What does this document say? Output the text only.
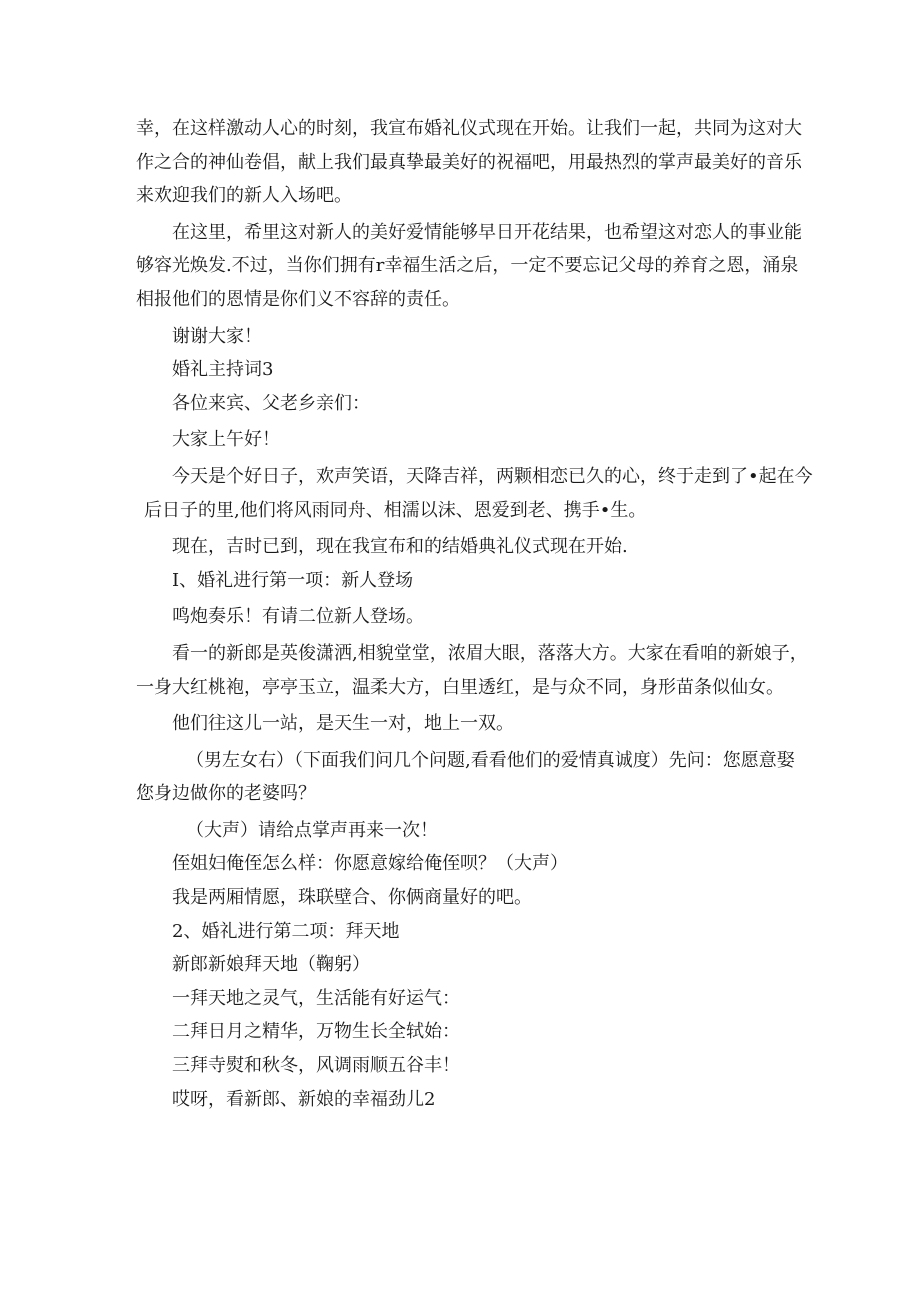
幸，在这样激动人心的时刻，我宣布婚礼仪式现在开始。让我们一起，共同为这对大
作之合的神仙卷倡，献上我们最真挚最美好的祝福吧，用最热烈的掌声最美好的音乐
来欢迎我们的新人入场吧。
在这里，希里这对新人的美好爱情能够早日开花结果，也希望这对恋人的事业能
够容光焕发.不过，当你们拥有r幸福生活之后，一定不要忘记父母的养育之恩，涌泉
相报他们的恩情是你们义不容辞的责任。
谢谢大家！
婚礼主持词3
各位来宾、父老乡亲们：
大家上午好！
今天是个好日子，欢声笑语，天降吉祥，两颗相恋已久的心，终于走到了•起在今
后日子的里,他们将风雨同舟、相濡以沫、恩爱到老、携手•生。
现在，吉时已到，现在我宣布和的结婚典礼仪式现在开始.
I、婚礼进行第一项：新人登场
鸣炮奏乐！有请二位新人登场。
看一的新郎是英俊潇洒,相貌堂堂，浓眉大眼，落落大方。大家在看咱的新娘子，
一身大红桃袍，亭亭玉立，温柔大方，白里透红，是与众不同，身形苗条似仙女。
他们往这儿一站，是天生一对，地上一双。
（男左女右）（下面我们问几个问题,看看他们的爱情真诚度）先问：您愿意娶
您身边做你的老婆吗？
（大声）请给点掌声再来一次！
侄姐妇俺侄怎么样：你愿意嫁给俺侄呗？（大声）
我是两厢情愿，珠联壁合、你俩商量好的吧。
2、婚礼进行第二项：拜天地
新郎新娘拜天地（鞠躬）
一拜天地之灵气，生活能有好运气：
二拜日月之精华，万物生长全轼始：
三拜寺熨和秋冬，风调雨顺五谷丰！
哎呀，看新郎、新娘的幸福劲儿2
